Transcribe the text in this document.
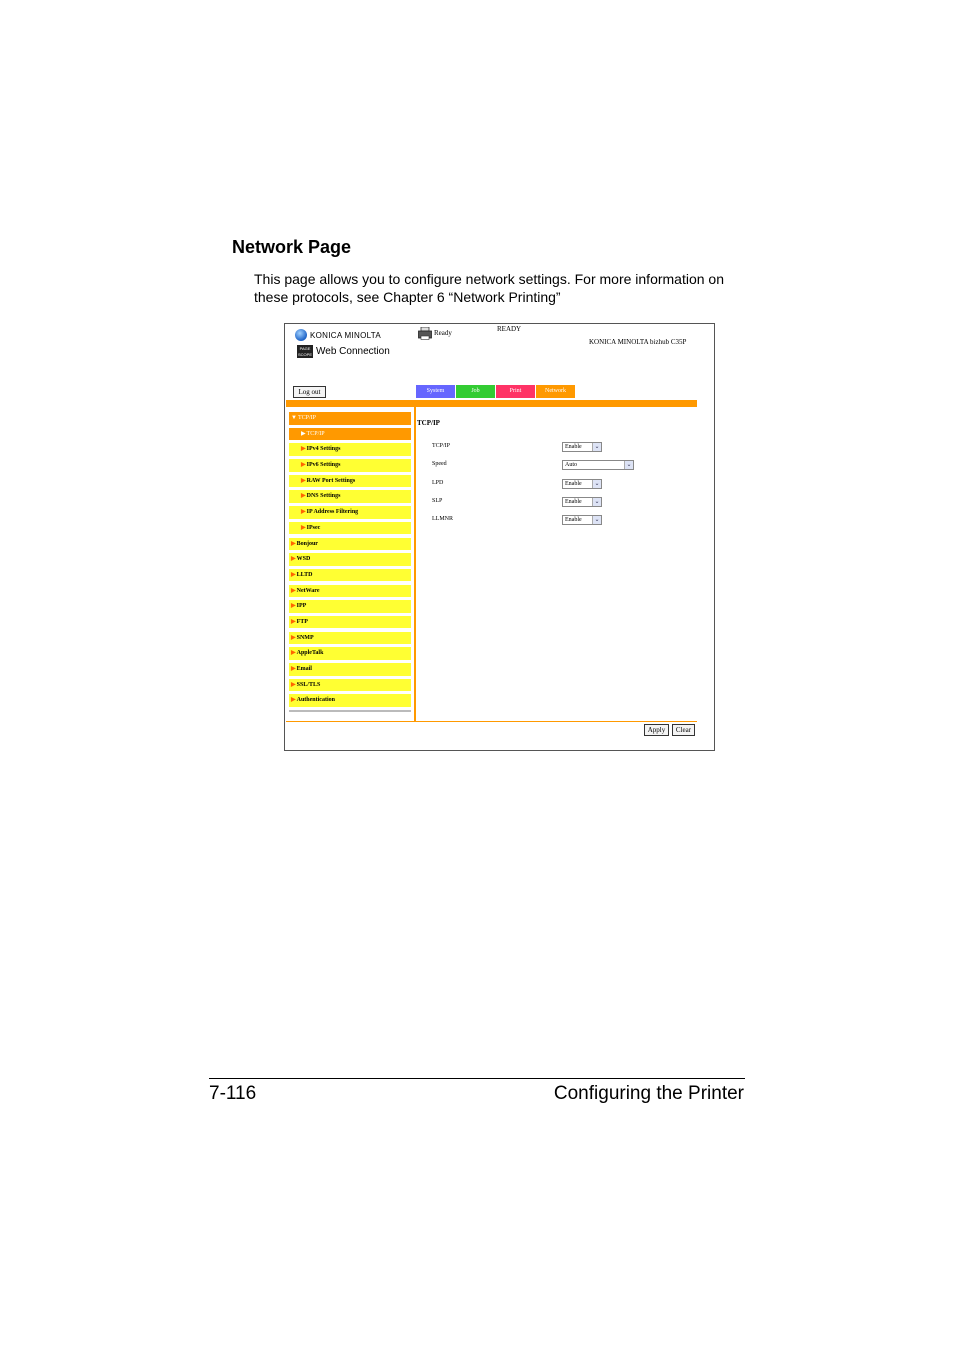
Network Page
This page allows you to configure network settings. For more information on these protocols, see Chapter 6 “Network Printing”
KONICA MINOLTA
PAGE SCOPE Web Connection
Ready	READY
KONICA MINOLTA bizhub C35P
Log out	System	Job	Print	Network
▼TCP/IP
▶TCP/IP
▶IPv4 Settings
▶IPv6 Settings
▶RAW Port Settings
▶DNS Settings
▶IP Address Filtering
▶IPsec
▶Bonjour
▶WSD
▶LLTD
▶NetWare
▶IPP
▶FTP
▶SNMP
▶AppleTalk
▶Email
▶SSL/TLS
▶Authentication
TCP/IP
TCP/IP	Enable	⌄
Speed	Auto	⌄
LPD	Enable	⌄
SLP	Enable	⌄
LLMNR	Enable	⌄
Apply	Clear
7-116	Configuring the Printer
